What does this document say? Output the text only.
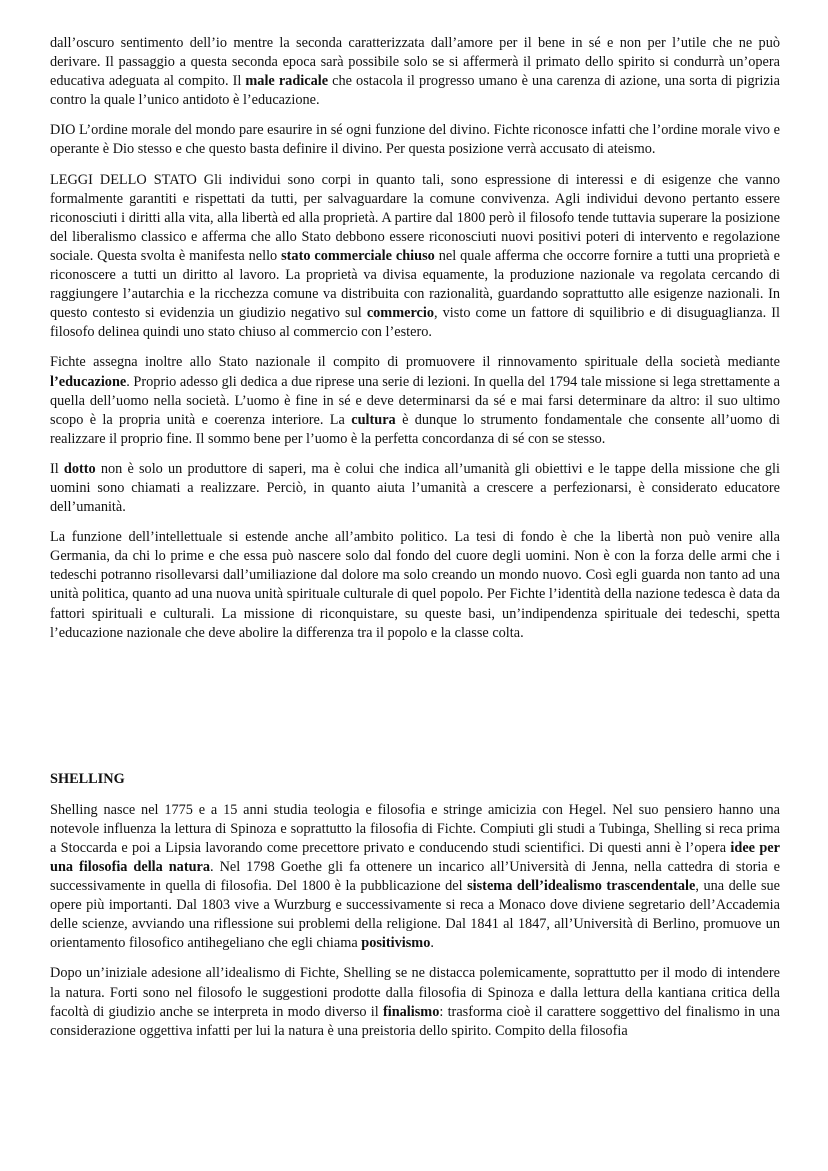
dall’oscuro sentimento dell’io mentre la seconda caratterizzata dall’amore per il bene in sé e non per l’utile che ne può derivare. Il passaggio a questa seconda epoca sarà possibile solo se si affermerà il primato dello spirito si condurrà un’opera educativa adeguata al compito. Il male radicale che ostacola il progresso umano è una carenza di azione, una sorta di pigrizia contro la quale l’unico antidoto è l’educazione.

DIO L’ordine morale del mondo pare esaurire in sé ogni funzione del divino. Fichte riconosce infatti che l’ordine morale vivo e operante è Dio stesso e che questo basta definire il divino. Per questa posizione verrà accusato di ateismo.

LEGGI DELLO STATO Gli individui sono corpi in quanto tali, sono espressione di interessi e di esigenze che vanno formalmente garantiti e rispettati da tutti, per salvaguardare la comune convivenza. Agli individui devono pertanto essere riconosciuti i diritti alla vita, alla libertà ed alla proprietà. A partire dal 1800 però il filosofo tende tuttavia superare la posizione del liberalismo classico e afferma che allo Stato debbono essere riconosciuti nuovi positivi poteri di intervento e regolazione sociale. Questa svolta è manifesta nello stato commerciale chiuso nel quale afferma che occorre fornire a tutti una proprietà e riconoscere a tutti un diritto al lavoro. La proprietà va divisa equamente, la produzione nazionale va regolata cercando di raggiungere l’autarchia e la ricchezza comune va distribuita con razionalità, guardando soprattutto alle esigenze nazionali. In questo contesto si evidenzia un giudizio negativo sul commercio, visto come un fattore di squilibrio e di disuguaglianza. Il filosofo delinea quindi uno stato chiuso al commercio con l’estero.

Fichte assegna inoltre allo Stato nazionale il compito di promuovere il rinnovamento spirituale della società mediante l’educazione. Proprio adesso gli dedica a due riprese una serie di lezioni. In quella del 1794 tale missione si lega strettamente a quella dell’uomo nella società. L’uomo è fine in sé e deve determinarsi da sé e mai farsi determinare da altro: il suo ultimo scopo è la propria unità e coerenza interiore. La cultura è dunque lo strumento fondamentale che consente all’uomo di realizzare il proprio fine. Il sommo bene per l’uomo è la perfetta concordanza di sé con se stesso.

Il dotto non è solo un produttore di saperi, ma è colui che indica all’umanità gli obiettivi e le tappe della missione che gli uomini sono chiamati a realizzare. Perciò, in quanto aiuta l’umanità a crescere a perfezionarsi, è considerato educatore dell’umanità.

La funzione dell’intellettuale si estende anche all’ambito politico. La tesi di fondo è che la libertà non può venire alla Germania, da chi lo prime e che essa può nascere solo dal fondo del cuore degli uomini. Non è con la forza delle armi che i tedeschi potranno risollevarsi dall’umiliazione dal dolore ma solo creando un mondo nuovo. Così egli guarda non tanto ad una unità politica, quanto ad una nuova unità spirituale culturale di quel popolo. Per Fichte l’identità della nazione tedesca è data da fattori spirituali e culturali. La missione di riconquistare, su queste basi, un’indipendenza spirituale dei tedeschi, spetta l’educazione nazionale che deve abolire la differenza tra il popolo e la classe colta.

SHELLING

Shelling nasce nel 1775 e a 15 anni studia teologia e filosofia e stringe amicizia con Hegel. Nel suo pensiero hanno una notevole influenza la lettura di Spinoza e soprattutto la filosofia di Fichte. Compiuti gli studi a Tubinga, Shelling si reca prima a Stoccarda e poi a Lipsia lavorando come precettore privato e conducendo studi scientifici. Di questi anni è l’opera idee per una filosofia della natura. Nel 1798 Goethe gli fa ottenere un incarico all’Università di Jenna, nella cattedra di storia e successivamente in quella di filosofia. Del 1800 è la pubblicazione del sistema dell’idealismo trascendentale, una delle sue opere più importanti. Dal 1803 vive a Wurzburg e successivamente si reca a Monaco dove diviene segretario dell’Accademia delle scienze, avviando una riflessione sui problemi della religione. Dal 1841 al 1847, all’Università di Berlino, promuove un orientamento filosofico antihegeliano che egli chiama positivismo.

Dopo un’iniziale adesione all’idealismo di Fichte, Shelling se ne distacca polemicamente, soprattutto per il modo di intendere la natura. Forti sono nel filosofo le suggestioni prodotte dalla filosofia di Spinoza e dalla lettura della kantiana critica della facoltà di giudizio anche se interpreta in modo diverso il finalismo: trasforma cioè il carattere soggettivo del finalismo in una considerazione oggettiva infatti per lui la natura è una preistoria dello spirito. Compito della filosofia
